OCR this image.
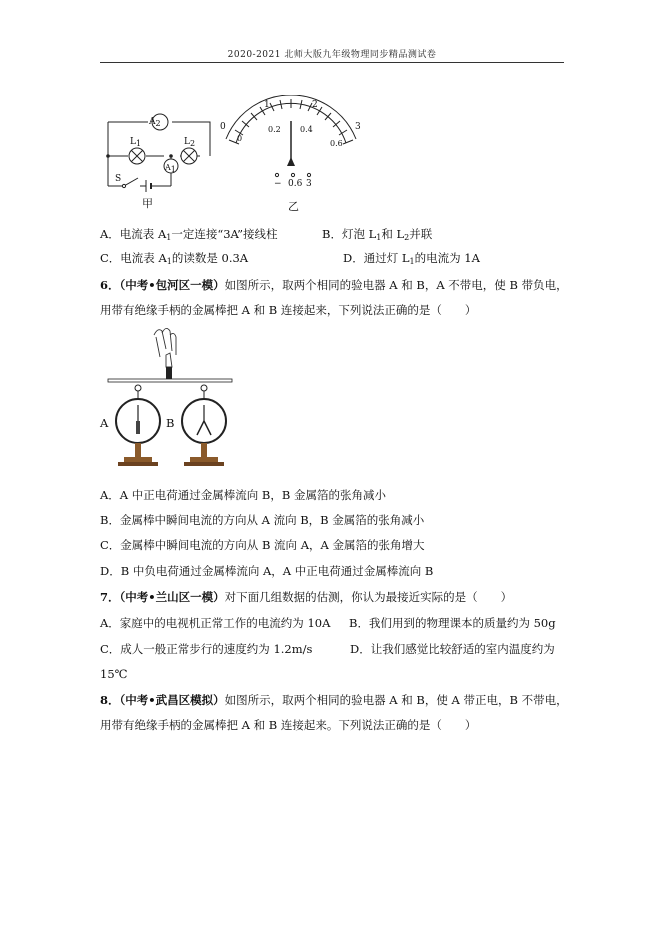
2020-2021 北师大版九年级物理同步精品测试卷
$A_2$
$L_1$	$L_2$
$A_1$
S
甲
0
1	2
3
0
0.2 0.4
0.6
− 0.6 3
乙
A．电流表 $A_1$一定连接“3A”接线柱	B．灯泡 $L_1$和 $L_2$并联
C．电流表 $A_1$的读数是 0.3A	D．通过灯 $L_1$的电流为 1A
6．（中考•包河区一模）如图所示，取两个相同的验电器 A 和 B，A 不带电，使 B 带负电，
用带有绝缘手柄的金属棒把 A 和 B 连接起来，下列说法正确的是（　　）
A	B
A．A 中正电荷通过金属棒流向 B，B 金属箔的张角减小
B．金属棒中瞬间电流的方向从 A 流向 B，B 金属箔的张角减小
C．金属棒中瞬间电流的方向从 B 流向 A，A 金属箔的张角增大
D．B 中负电荷通过金属棒流向 A，A 中正电荷通过金属棒流向 B
7．（中考•兰山区一模）对下面几组数据的估测，你认为最接近实际的是（　　）
A．家庭中的电视机正常工作的电流约为 10A B．我们用到的物理课本的质量约为 50g
C．成人一般正常步行的速度约为 1.2m/s	D．让我们感觉比较舒适的室内温度约为
15℃
8．（中考•武昌区模拟）如图所示，取两个相同的验电器 A 和 B，使 A 带正电，B 不带电，
用带有绝缘手柄的金属棒把 A 和 B 连接起来。下列说法正确的是（　　）
